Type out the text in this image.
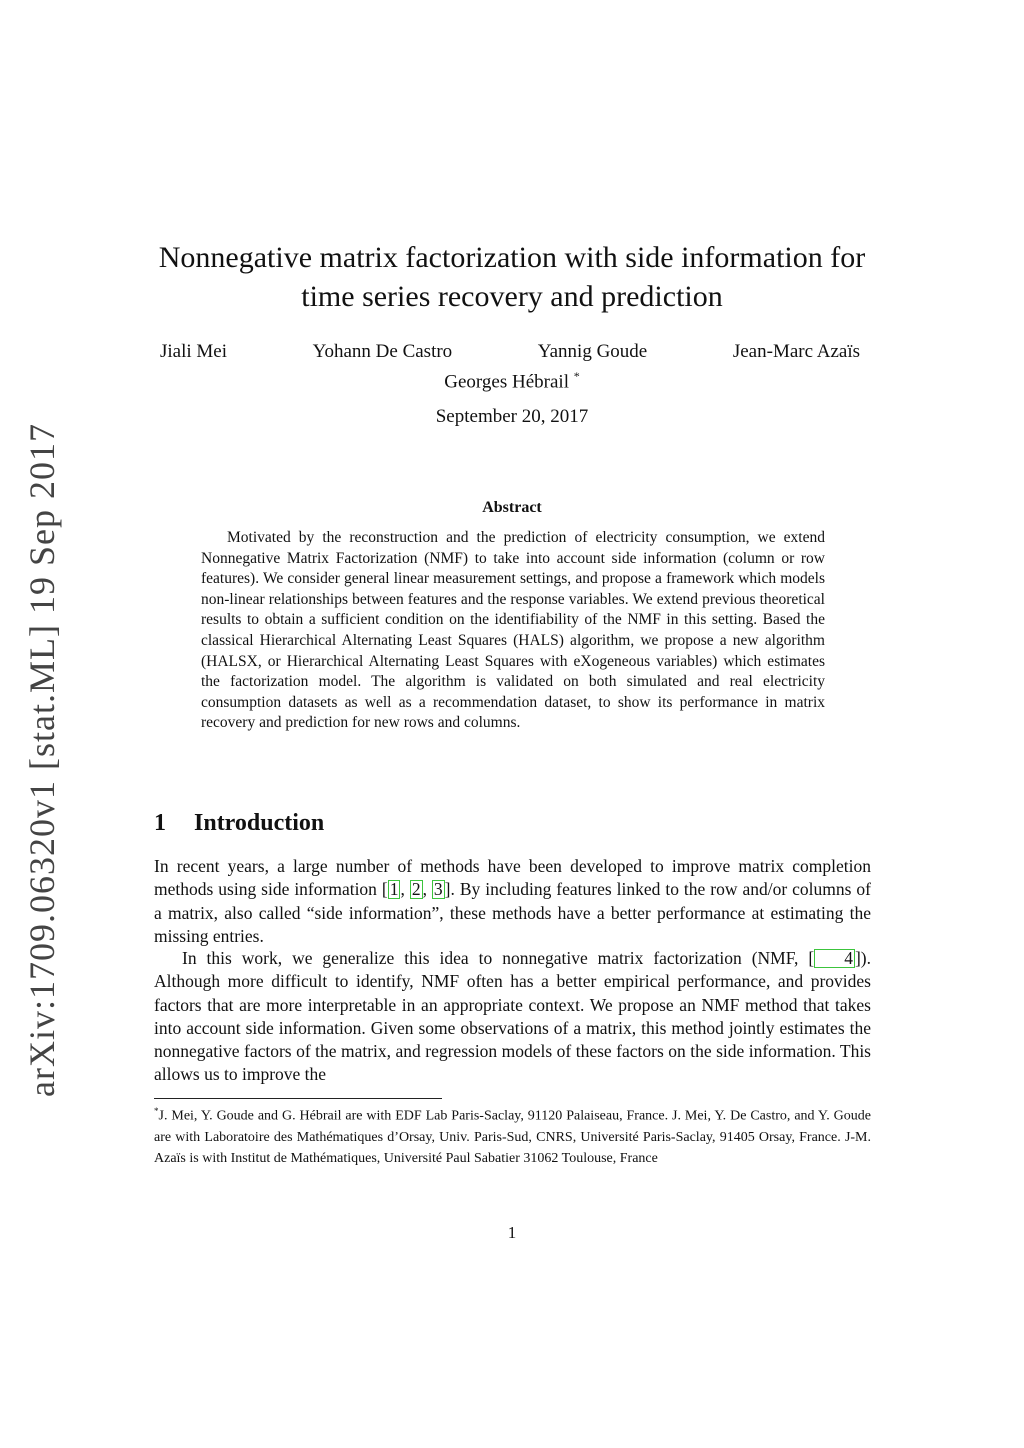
arXiv:1709.06320v1 [stat.ML] 19 Sep 2017
Nonnegative matrix factorization with side information for
time series recovery and prediction
Jiali Mei	Yohann De Castro	Yannig Goude	Jean-Marc Azaïs
Georges Hébrail *
September 20, 2017
Abstract

Motivated by the reconstruction and the prediction of electricity consumption, we extend Nonnegative Matrix Factorization (NMF) to take into account side information (column or row features). We consider general linear measurement settings, and propose a framework which models non-linear relationships between features and the response variables. We extend previous theoretical results to obtain a sufficient condition on the identifiability of the NMF in this setting. Based the classical Hierarchical Alternating Least Squares (HALS) algorithm, we propose a new algorithm (HALSX, or Hierarchical Alternating Least Squares with eXogeneous variables) which estimates the factorization model. The algorithm is validated on both simulated and real electricity consumption datasets as well as a recommendation dataset, to show its performance in matrix recovery and prediction for new rows and columns.

1 Introduction

In recent years, a large number of methods have been developed to improve matrix completion methods using side information [ 1 , 2 , 3 ]. By including features linked to the row and/or columns of a matrix, also called “side information”, these methods have a better performance at estimating the missing entries.

In this work, we generalize this idea to nonnegative matrix factorization (NMF, [ 4 ]). Although more difficult to identify, NMF often has a better empirical performance, and provides factors that are more interpretable in an appropriate context. We propose an NMF method that takes into account side information. Given some observations of a matrix, this method jointly estimates the nonnegative factors of the matrix, and regression models of these factors on the side information. This allows us to improve the

*J. Mei, Y. Goude and G. Hébrail are with EDF Lab Paris-Saclay, 91120 Palaiseau, France. J. Mei, Y. De Castro, and Y. Goude are with Laboratoire des Mathématiques d’Orsay, Univ. Paris-Sud, CNRS, Université Paris-Saclay, 91405 Orsay, France. J-M. Azaïs is with Institut de Mathématiques, Université Paul Sabatier 31062 Toulouse, France

1
